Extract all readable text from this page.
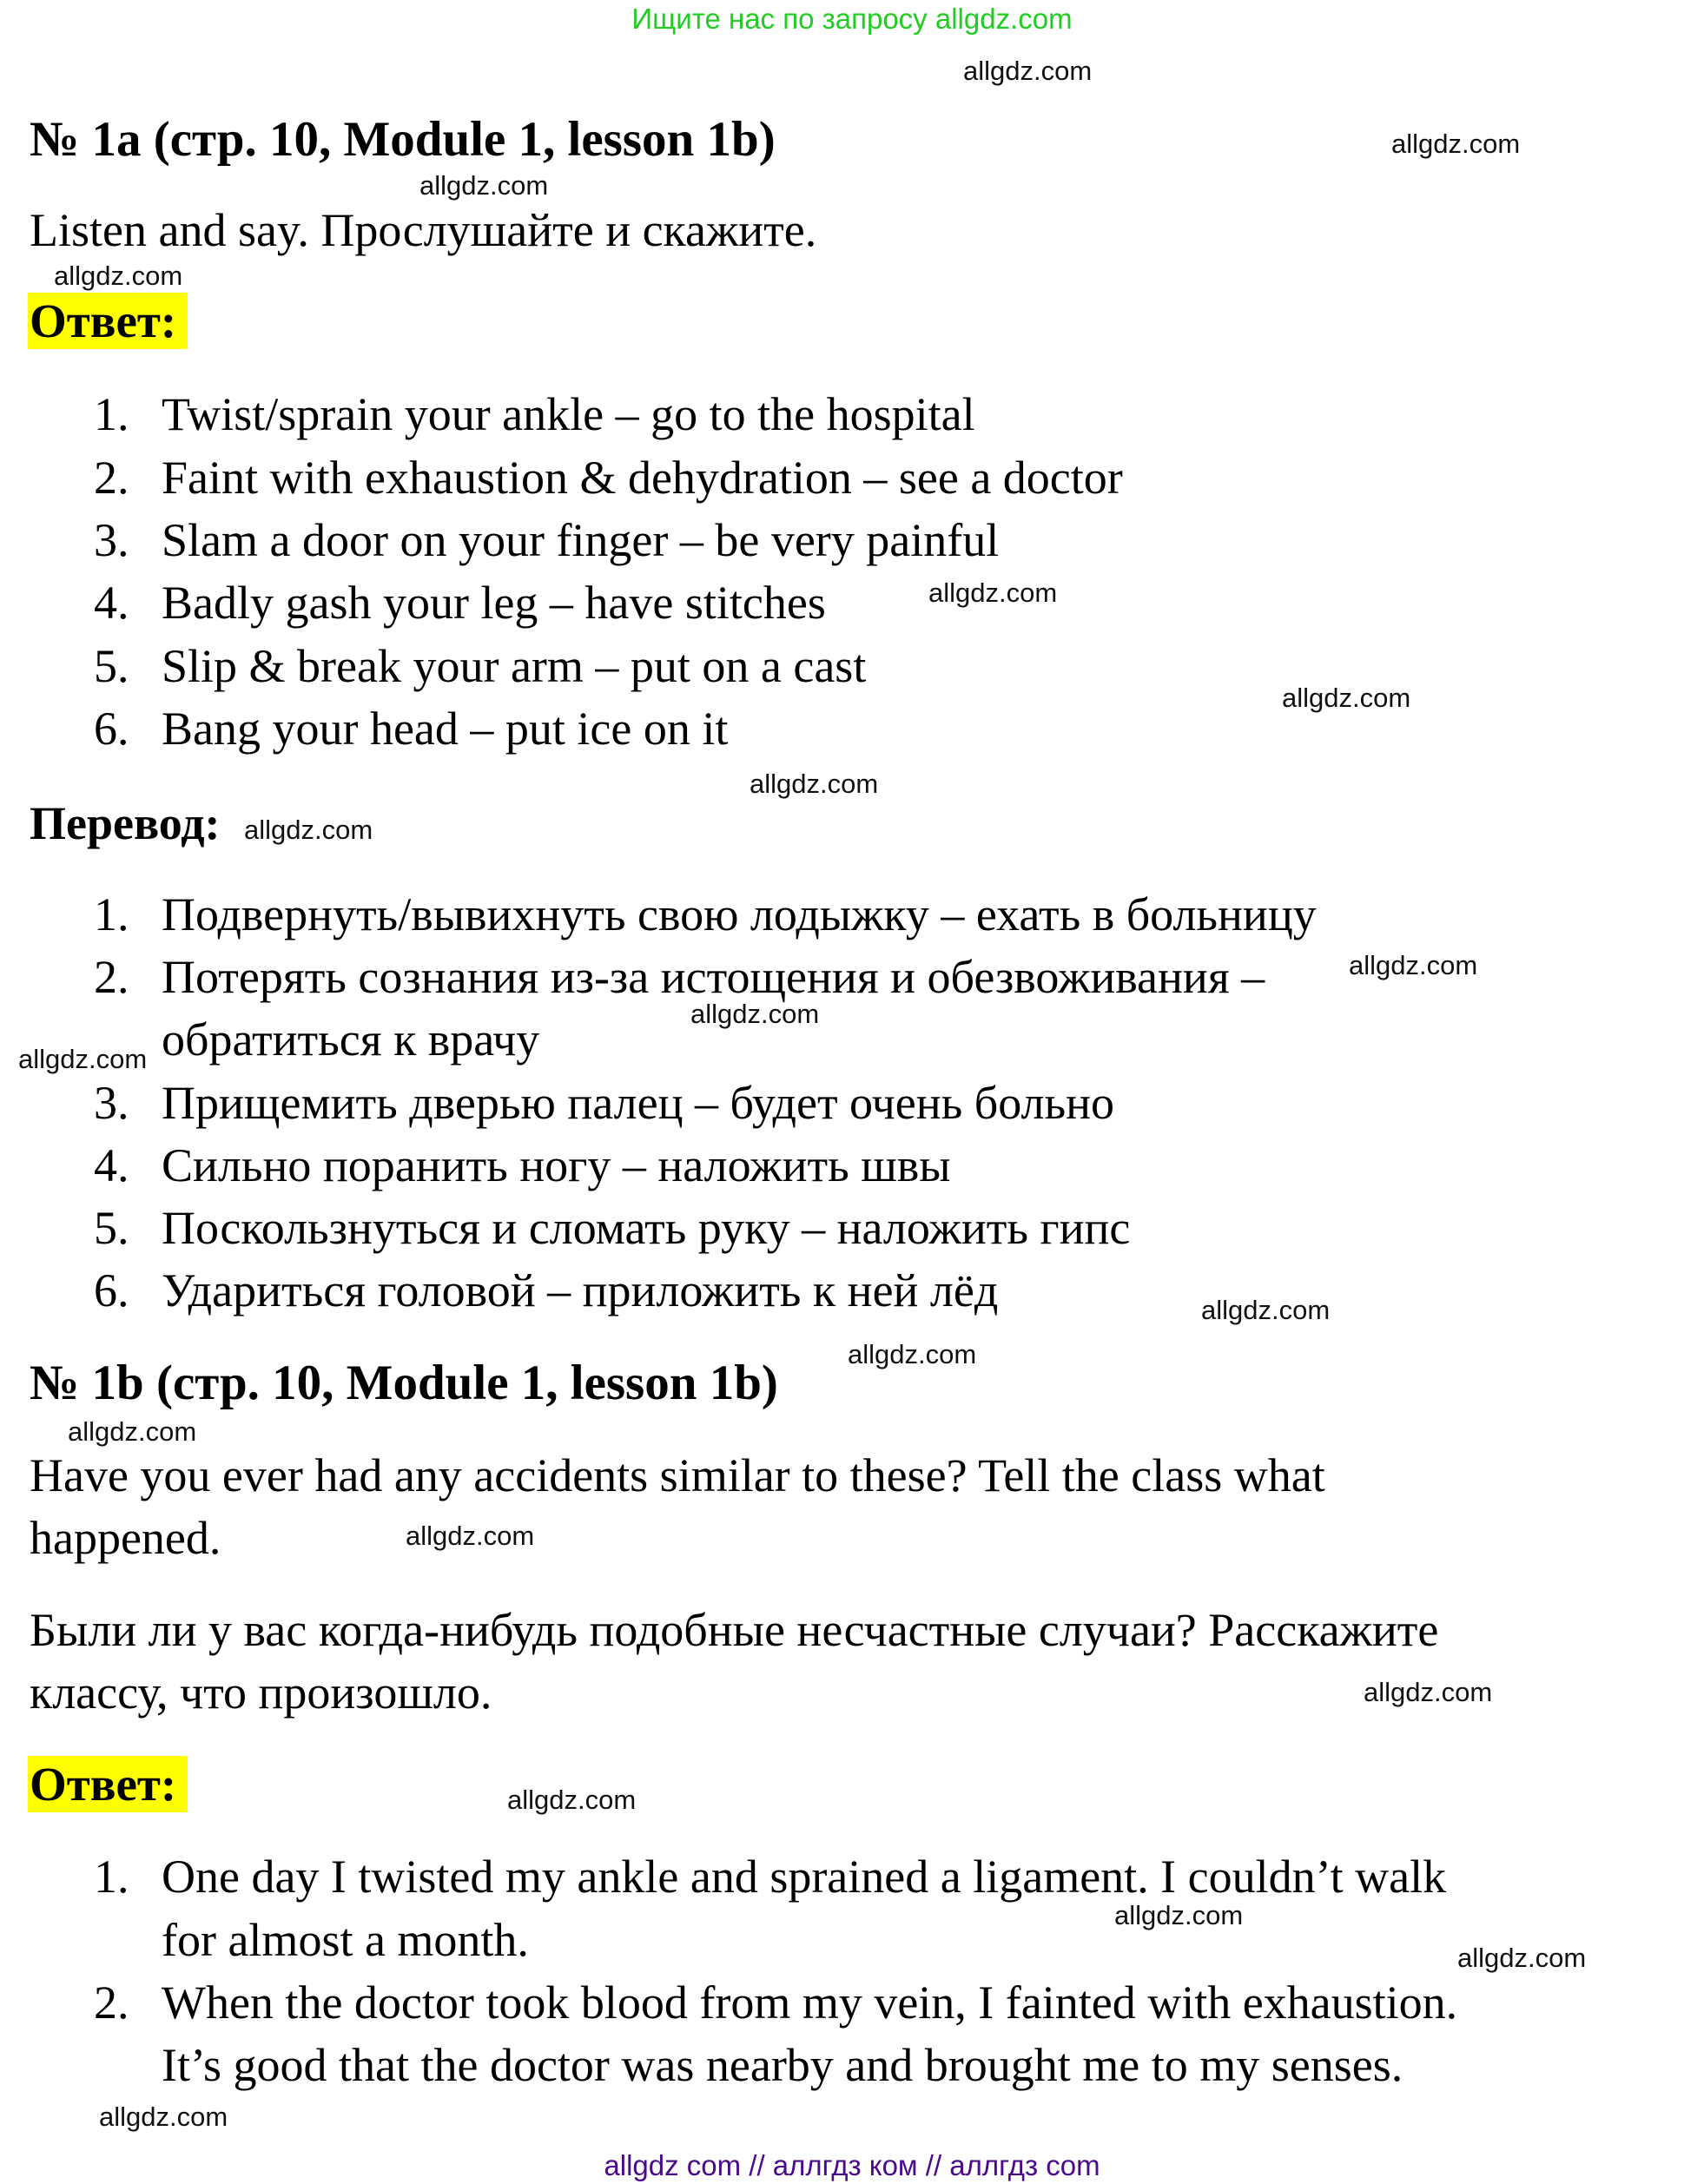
Ищите нас по запросу allgdz.com
№ 1a (стр. 10, Module 1, lesson 1b)
Listen and say. Прослушайте и скажите.
Ответ:
1. Twist/sprain your ankle – go to the hospital
2. Faint with exhaustion & dehydration – see a doctor
3. Slam a door on your finger – be very painful
4. Badly gash your leg – have stitches
5. Slip & break your arm – put on a cast
6. Bang your head – put ice on it
Перевод:
1. Подвернуть/вывихнуть свою лодыжку – ехать в больницу
2. Потерять сознания из-за истощения и обезвоживания –
обратиться к врачу
3. Прищемить дверью палец – будет очень больно
4. Сильно поранить ногу – наложить швы
5. Поскользнуться и сломать руку – наложить гипс
6. Удариться головой – приложить к ней лёд
№ 1b (стр. 10, Module 1, lesson 1b)
Have you ever had any accidents similar to these? Tell the class what
happened.
Были ли у вас когда-нибудь подобные несчастные случаи? Расскажите
классу, что произошло.
Ответ:
1. One day I twisted my ankle and sprained a ligament. I couldn’t walk
for almost a month.
2. When the doctor took blood from my vein, I fainted with exhaustion.
It’s good that the doctor was nearby and brought me to my senses.
allgdz.com
allgdz.com
allgdz.com
allgdz.com
allgdz.com
allgdz.com
allgdz.com
allgdz.com
allgdz.com
allgdz.com
allgdz.com
allgdz.com
allgdz.com
allgdz.com
allgdz.com
allgdz.com
allgdz.com
allgdz.com
allgdz.com
allgdz.com
allgdz com // аллгдз ком // аллгдз com
